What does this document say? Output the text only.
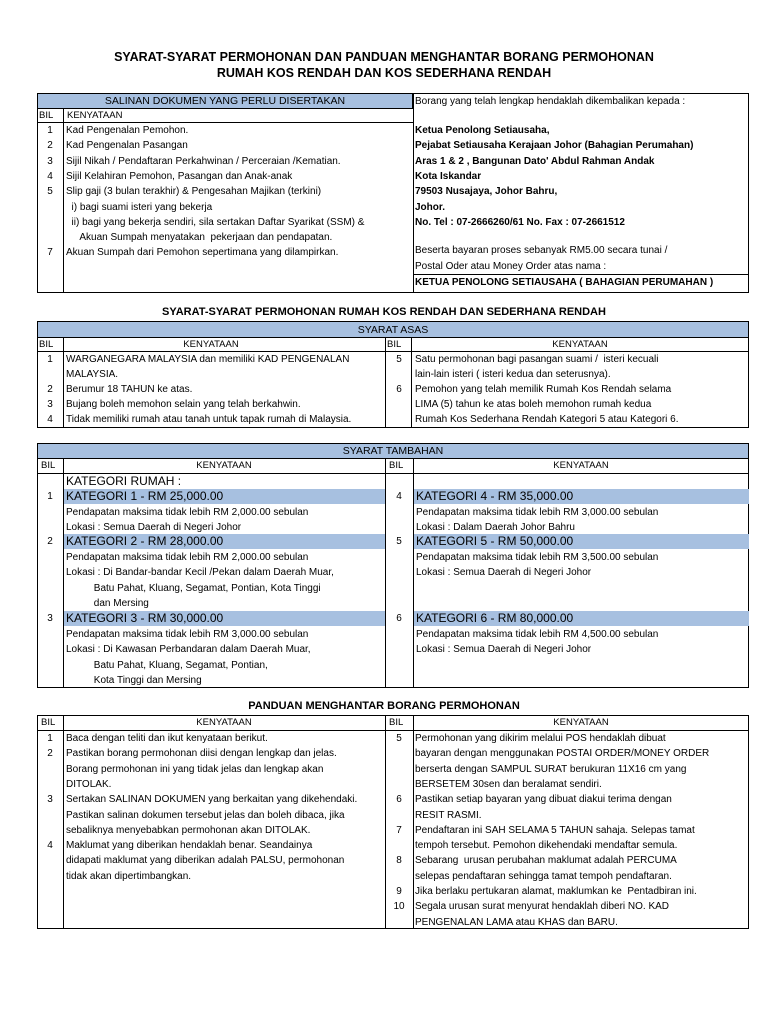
SYARAT-SYARAT PERMOHONAN DAN PANDUAN MENGHANTAR BORANG PERMOHONAN
RUMAH KOS RENDAH DAN KOS SEDERHANA RENDAH
SALINAN DOKUMEN YANG PERLU DISERTAKAN
BIL KENYATAAN
1	Kad Pengenalan Pemohon.
2	Kad Pengenalan Pasangan
3	Sijil Nikah / Pendaftaran Perkahwinan / Perceraian /Kematian.
4	Sijil Kelahiran Pemohon, Pasangan dan Anak-anak
5	Slip gaji (3 bulan terakhir) & Pengesahan Majikan (terkini)
i) bagi suami isteri yang bekerja
ii) bagi yang bekerja sendiri, sila sertakan Daftar Syarikat (SSM) &
Akuan Sumpah menyatakan  pekerjaan dan pendapatan.
7	Akuan Sumpah dari Pemohon sepertimana yang dilampirkan.
Borang yang telah lengkap hendaklah dikembalikan kepada :
Ketua Penolong Setiausaha,
Pejabat Setiausaha Kerajaan Johor (Bahagian Perumahan)
Aras 1 & 2 , Bangunan Dato' Abdul Rahman Andak
Kota Iskandar
79503 Nusajaya, Johor Bahru,
Johor.
No. Tel : 07-2666260/61 No. Fax : 07-2661512
Beserta bayaran proses sebanyak RM5.00 secara tunai /
Postal Oder atau Money Order atas nama :
KETUA PENOLONG SETIAUSAHA ( BAHAGIAN PERUMAHAN )
SYARAT-SYARAT PERMOHONAN RUMAH KOS RENDAH DAN SEDERHANA RENDAH
SYARAT ASAS
BIL	KENYATAAN	BIL	KENYATAAN
1	WARGANEGARA MALAYSIA dan memiliki KAD PENGENALAN
MALAYSIA.
2	Berumur 18 TAHUN ke atas.
3	Bujang boleh memohon selain yang telah berkahwin.
4	Tidak memiliki rumah atau tanah untuk tapak rumah di Malaysia.
5	Satu permohonan bagi pasangan suami /  isteri kecuali
lain-lain isteri ( isteri kedua dan seterusnya).
6	Pemohon yang telah memilik Rumah Kos Rendah selama
LIMA (5) tahun ke atas boleh memohon rumah kedua
Rumah Kos Sederhana Rendah Kategori 5 atau Kategori 6.
SYARAT TAMBAHAN
BIL	KENYATAAN	BIL	KENYATAAN
KATEGORI RUMAH :
1	KATEGORI 1 - RM 25,000.00
Pendapatan maksima tidak lebih RM 2,000.00 sebulan
Lokasi : Semua Daerah di Negeri Johor
2	KATEGORI 2 - RM 28,000.00
Pendapatan maksima tidak lebih RM 2,000.00 sebulan
Lokasi : Di Bandar-bandar Kecil /Pekan dalam Daerah Muar,
Batu Pahat, Kluang, Segamat, Pontian, Kota Tinggi
dan Mersing
3	KATEGORI 3 - RM 30,000.00
Pendapatan maksima tidak lebih RM 3,000.00 sebulan
Lokasi : Di Kawasan Perbandaran dalam Daerah Muar,
Batu Pahat, Kluang, Segamat, Pontian,
Kota Tinggi dan Mersing
4	KATEGORI 4 - RM 35,000.00
Pendapatan maksima tidak lebih RM 3,000.00 sebulan
Lokasi : Dalam Daerah Johor Bahru
5	KATEGORI 5 - RM 50,000.00
Pendapatan maksima tidak lebih RM 3,500.00 sebulan
Lokasi : Semua Daerah di Negeri Johor
6	KATEGORI 6 - RM 80,000.00
Pendapatan maksima tidak lebih RM 4,500.00 sebulan
Lokasi : Semua Daerah di Negeri Johor
PANDUAN MENGHANTAR BORANG PERMOHONAN
BIL	KENYATAAN	BIL	KENYATAAN
1	Baca dengan teliti dan ikut kenyataan berikut.
2	Pastikan borang permohonan diisi dengan lengkap dan jelas.
Borang permohonan ini yang tidak jelas dan lengkap akan
DITOLAK.
3	Sertakan SALINAN DOKUMEN yang berkaitan yang dikehendaki.
Pastikan salinan dokumen tersebut jelas dan boleh dibaca, jika
sebaliknya menyebabkan permohonan akan DITOLAK.
4	Maklumat yang diberikan hendaklah benar. Seandainya
didapati maklumat yang diberikan adalah PALSU, permohonan
tidak akan dipertimbangkan.
5	Permohonan yang dikirim melalui POS hendaklah dibuat
bayaran dengan menggunakan POSTAI ORDER/MONEY ORDER
berserta dengan SAMPUL SURAT berukuran 11X16 cm yang
BERSETEM 30sen dan beralamat sendiri.
6	Pastikan setiap bayaran yang dibuat diakui terima dengan
RESIT RASMI.
7	Pendaftaran ini SAH SELAMA 5 TAHUN sahaja. Selepas tamat
tempoh tersebut. Pemohon dikehendaki mendaftar semula.
8	Sebarang  urusan perubahan maklumat adalah PERCUMA
selepas pendaftaran sehingga tamat tempoh pendaftaran.
9	Jika berlaku pertukaran alamat, maklumkan ke  Pentadbiran ini.
10	Segala urusan surat menyurat hendaklah diberi NO. KAD
PENGENALAN LAMA atau KHAS dan BARU.
